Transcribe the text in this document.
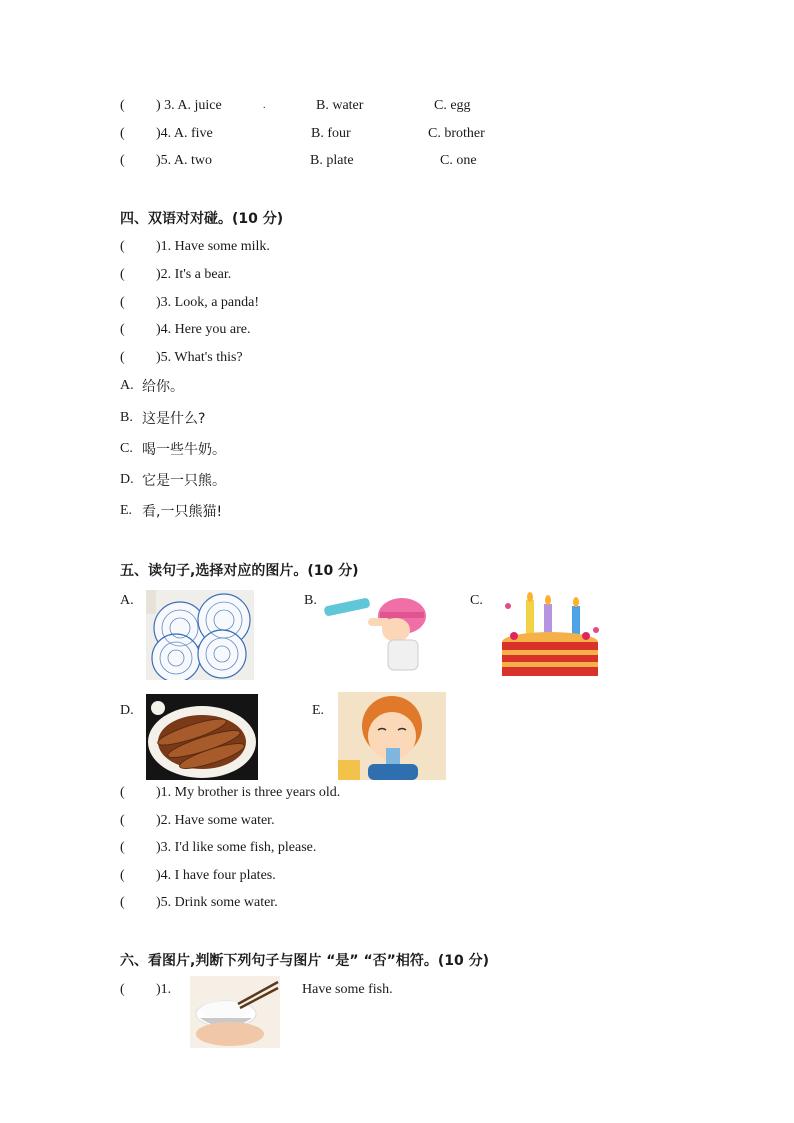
( ) 3. A. juice	.	B. water	C. egg
( )4. A. five	B. four	C. brother
( )5. A. two	B. plate	C. one
四、双语对对碰。(10 分)
( )1. Have some milk.
( )2. It's a bear.
( )3. Look, a panda!
( )4. Here you are.
( )5. What's this?
A. 给你。
B. 这是什么?
C. 喝一些牛奶。
D. 它是一只熊。
E. 看,一只熊猫!
五、读句子,选择对应的图片。(10 分)
A.	B.	C.
D.	E.
( )1. My brother is three years old.
( )2. Have some water.
( )3. I'd like some fish, please.
( )4. I have four plates.
( )5. Drink some water.
六、看图片,判断下列句子与图片 “是” “否”相符。(10 分)
( )1.	Have some fish.
